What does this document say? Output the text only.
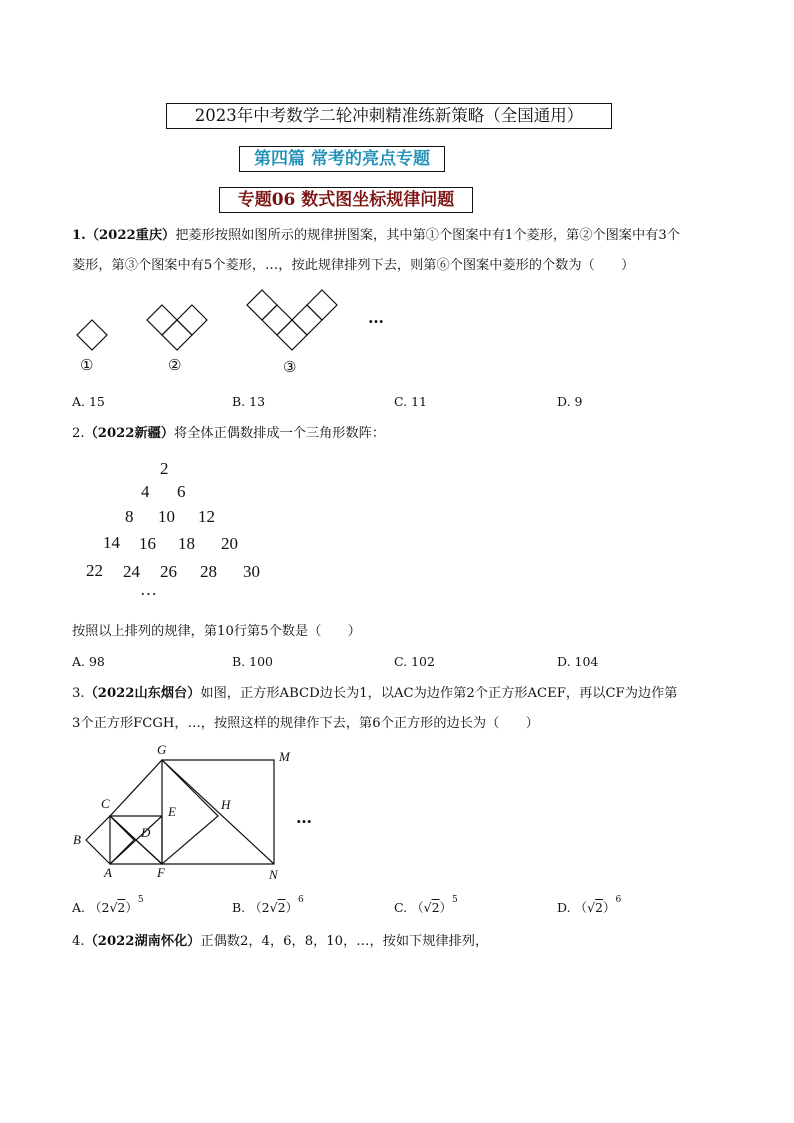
2023年中考数学二轮冲刺精准练新策略（全国通用）
第四篇 常考的亮点专题
专题06 数式图坐标规律问题
1.（2022重庆）把菱形按照如图所示的规律拼图案，其中第①个图案中有1个菱形，第②个图案中有3个
菱形，第③个图案中有5个菱形，…，按此规律排列下去，则第⑥个图案中菱形的个数为（　　）
①	②	③
…
A. 15	B. 13	C. 11	D. 9
2.（2022新疆）将全体正偶数排成一个三角形数阵：
2
4 6
8 10 12
14 16 18 20
22 24 26 28 30
…
按照以上排列的规律，第10行第5个数是（　　）
A. 98	B. 100	C. 102	D. 104
3.（2022山东烟台）如图，正方形ABCD边长为1，以AC为边作第2个正方形ACEF，再以CF为边作第
3个正方形FCGH，…，按照这样的规律作下去，第6个正方形的边长为（　　）
G	M
C
E	H
D
B
A	F	N
…
A. $(2√2)^5$	B. $(2√2)^6$	C. $(√2)^5$	D. $(√2)^6$
4.（2022湖南怀化）正偶数2，4，6，8，10，…，按如下规律排列，
